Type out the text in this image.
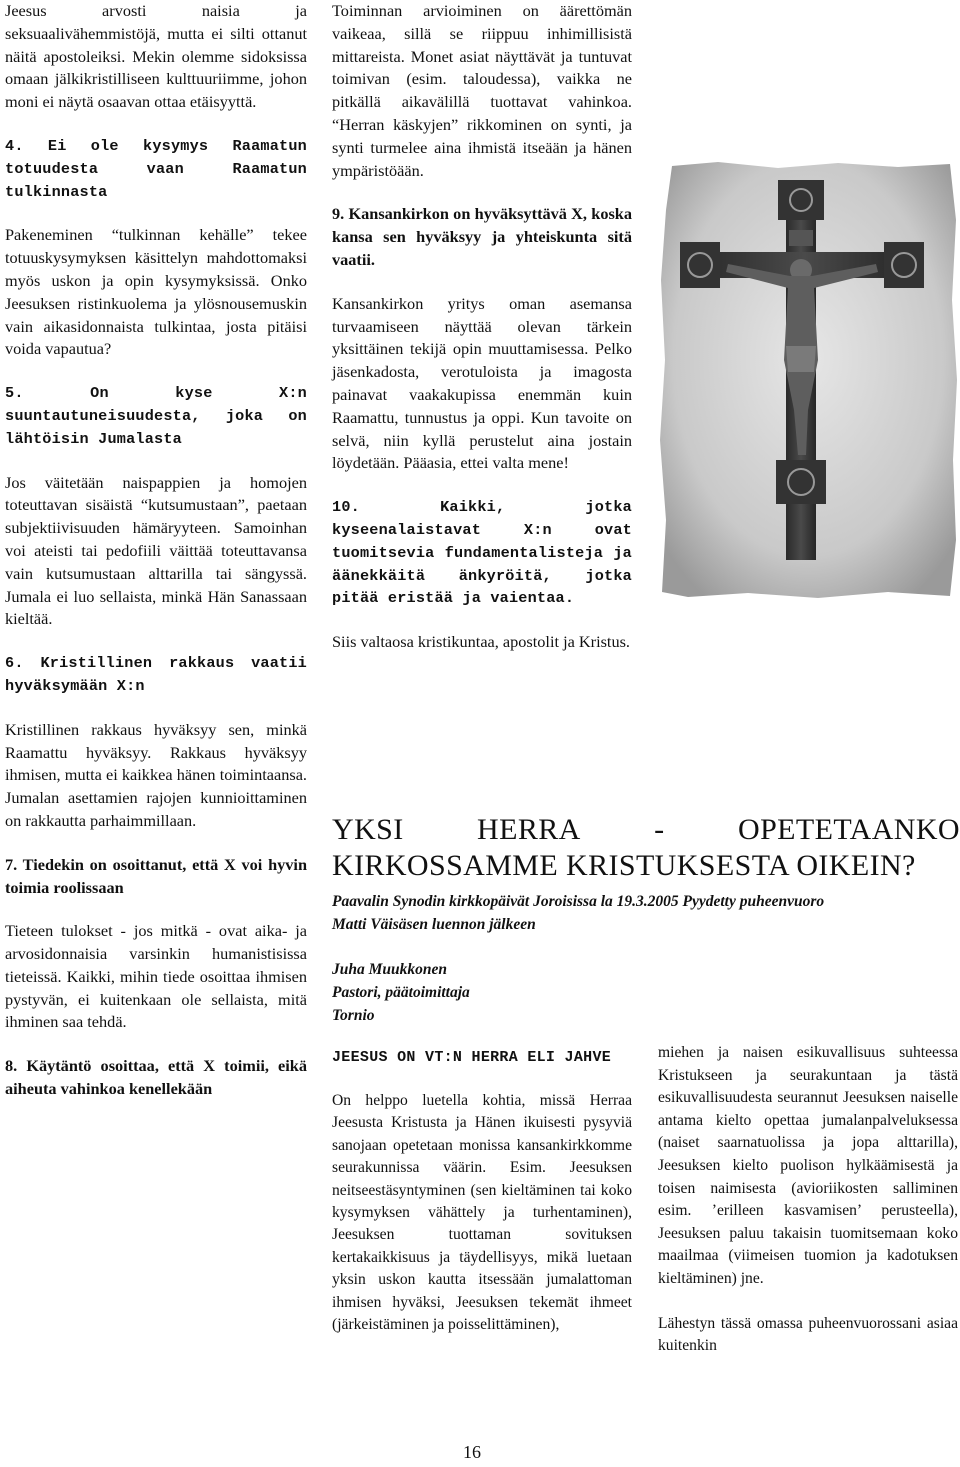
Jeesus arvosti naisia ja seksuaalivähemmistöjä, mutta ei silti ottanut näitä apostoleiksi. Mekin olemme sidoksissa omaan jälkikristilliseen kulttuuriimme, johon moni ei näytä osaavan ottaa etäisyyttä.

4. Ei ole kysymys Raamatun totuudesta vaan Raamatun tulkinnasta

Pakeneminen “tulkinnan kehälle” tekee totuuskysymyksen käsittelyn mahdottomaksi myös uskon ja opin kysymyksissä. Onko Jeesuksen ristinkuolema ja ylösnousemuskin vain aikasidonnaista tulkintaa, josta pitäisi voida vapautua?

5. On kyse X:n suuntautuneisuudesta, joka on lähtöisin Jumalasta

Jos väitetään naispappien ja homojen toteuttavan sisäistä “kutsumustaan”, paetaan subjektiivisuuden hämäryyteen. Samoinhan voi ateisti tai pedofiili väittää toteuttavansa vain kutsumustaan alttarilla tai sängyssä. Jumala ei luo sellaista, minkä Hän Sanassaan kieltää.

6. Kristillinen rakkaus vaatii hyväksymään X:n

Kristillinen rakkaus hyväksyy sen, minkä Raamattu hyväksyy. Rakkaus hyväksyy ihmisen, mutta ei kaikkea hänen toimintaansa. Jumalan asettamien rajojen kunnioittaminen on rakkautta parhaimmillaan.

7. Tiedekin on osoittanut, että X voi hyvin toimia roolissaan

Tieteen tulokset - jos mitkä - ovat aika- ja arvosidonnaisia varsinkin humanistisissa tieteissä. Kaikki, mihin tiede osoittaa ihmisen pystyvän, ei kuitenkaan ole sellaista, mitä ihminen saa tehdä.

8. Käytäntö osoittaa, että X toimii, eikä aiheuta vahinkoa kenellekään

Toiminnan arvioiminen on äärettömän vaikeaa, sillä se riippuu inhimillisistä mittareista. Monet asiat näyttävät ja tuntuvat toimivan (esim. taloudessa), vaikka ne pitkällä aikavälillä tuottavat vahinkoa. “Herran käskyjen” rikkominen on synti, ja synti turmelee aina ihmistä itseään ja hänen ympäristöään.

9. Kansankirkon on hyväksyttävä X, koska kansa sen hyväksyy ja yhteiskunta sitä vaatii.

Kansankirkon yritys oman asemansa turvaamiseen näyttää olevan tärkein yksittäinen tekijä opin muuttamisessa. Pelko jäsenkadosta, verotuloista ja imagosta painavat vaakakupissa enemmän kuin Raamattu, tunnustus ja oppi. Kun tavoite on selvä, niin kyllä perustelut aina jostain löydetään. Pääasia, ettei valta mene!

10. Kaikki, jotka kyseenalaistavat X:n ovat tuomitsevia fundamentalisteja ja äänekkäitä änkyröitä, jotka pitää eristää ja vaientaa.

Siis valtaosa kristikuntaa, apostolit ja Kristus.

YKSI HERRA - OPETETAANKO
KIRKOSSAMME KRISTUKSESTA OIKEIN?
Paavalin Synodin kirkkopäivät Joroisissa la 19.3.2005 Pyydetty puheenvuoro
Matti Väisäsen luennon jälkeen
Juha Muukkonen
Pastori, päätoimittaja
Tornio

JEESUS ON VT:N HERRA ELI JAHVE

On helppo luetella kohtia, missä Herraa Jeesusta Kristusta ja Hänen ikuisesti pysyviä sanojaan opetetaan monissa kansankirkkomme seurakunnissa väärin. Esim. Jeesuksen neitseestäsyntyminen (sen kieltäminen tai koko kysymyksen vähättely ja turhentaminen), Jeesuksen tuottaman sovituksen kertakaikkisuus ja täydellisyys, mikä luetaan yksin uskon kautta itsessään jumalattoman ihmisen hyväksi, Jeesuksen tekemät ihmeet (järkeistäminen ja poisselittäminen),

miehen ja naisen esikuvallisuus suhteessa Kristukseen ja seurakuntaan ja tästä esikuvallisuudesta seurannut Jeesuksen naiselle antama kielto opettaa jumalanpalveluksessa (naiset saarnatuolissa ja jopa alttarilla), Jeesuksen kielto puolison hylkäämisestä ja toisen naimisesta (avioriikosten salliminen esim. ’erilleen kasvamisen’ perusteella), Jeesuksen paluu takaisin tuomitsemaan koko maailmaa (viimeisen tuomion ja kadotuksen kieltäminen) jne.

Lähestyn tässä omassa puheenvuorossani asiaa kuitenkin

16
